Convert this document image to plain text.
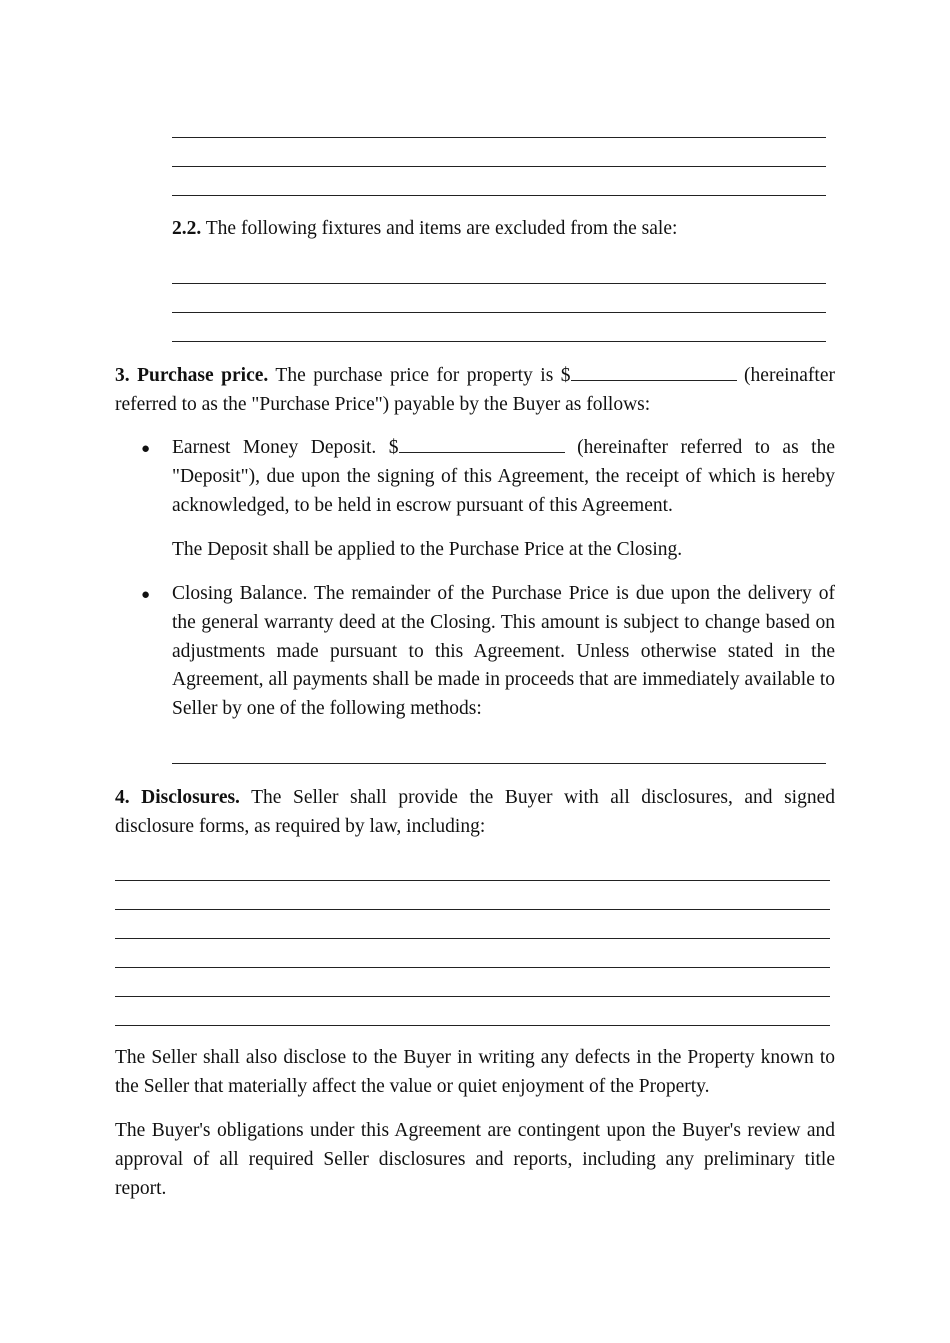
2.2. The following fixtures and items are excluded from the sale:
3. Purchase price. The purchase price for property is $	(hereinafter referred to as the "Purchase Price") payable by the Buyer as follows:
● Earnest Money Deposit. $	(hereinafter referred to as the "Deposit"), due upon the signing of this Agreement, the receipt of which is hereby acknowledged, to be held in escrow pursuant of this Agreement.
The Deposit shall be applied to the Purchase Price at the Closing.
● Closing Balance. The remainder of the Purchase Price is due upon the delivery of the general warranty deed at the Closing. This amount is subject to change based on adjustments made pursuant to this Agreement. Unless otherwise stated in the Agreement, all payments shall be made in proceeds that are immediately available to Seller by one of the following methods:
4. Disclosures. The Seller shall provide the Buyer with all disclosures, and signed disclosure forms, as required by law, including:
The Seller shall also disclose to the Buyer in writing any defects in the Property known to the Seller that materially affect the value or quiet enjoyment of the Property.
The Buyer's obligations under this Agreement are contingent upon the Buyer's review and approval of all required Seller disclosures and reports, including any preliminary title report.
